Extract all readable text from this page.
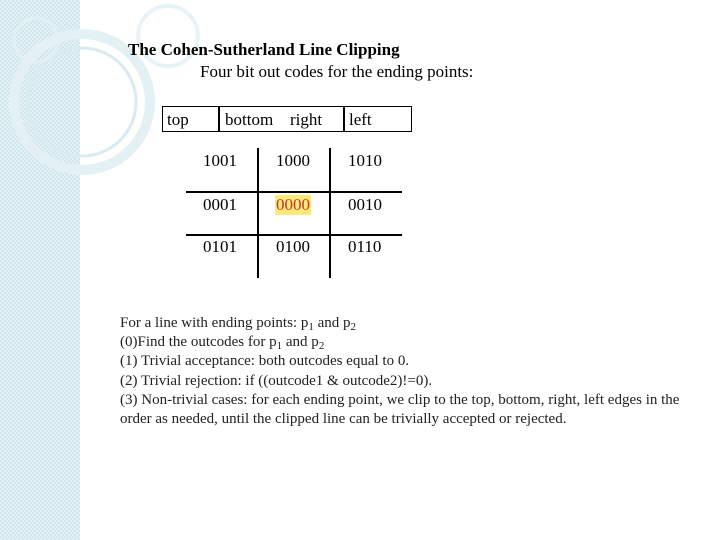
The Cohen-Sutherland Line Clipping
Four bit out codes for the ending points:
top bottom right left
1001 1000 1010
0001 0000 0010
0101 0100 0110
For a line with ending points: $p_1$ and $p_2$
(0)Find the outcodes for $p_1$ and $p_2$
(1) Trivial acceptance: both outcodes equal to 0.
(2) Trivial rejection: if ((outcode1 & outcode2)!=0).
(3) Non-trivial cases: for each ending point, we clip to the top, bottom, right, left edges in the order as needed, until the clipped line can be trivially accepted or rejected.
